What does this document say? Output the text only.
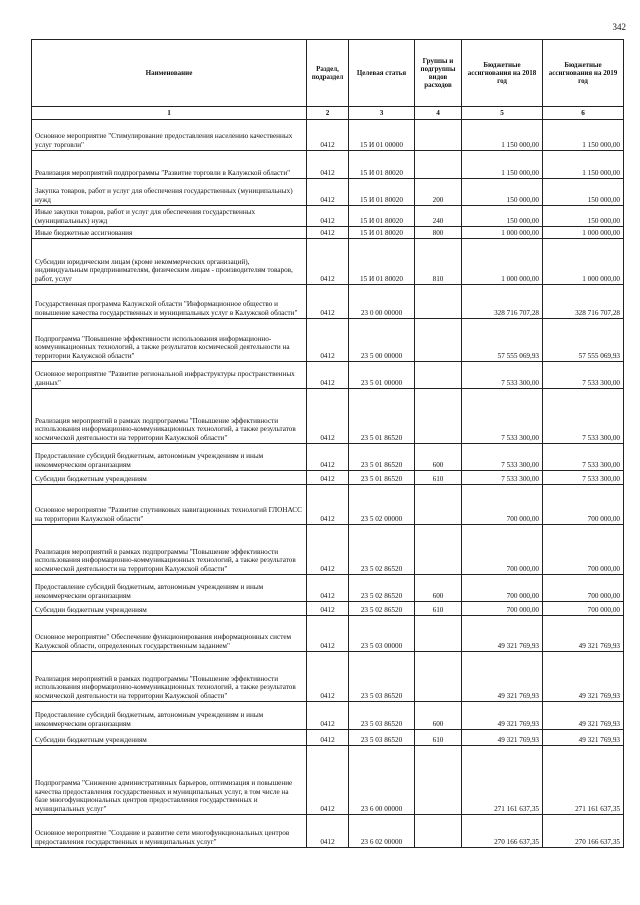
342
Наименование	Раздел, подраздел	Целевая статья	Группы и подгруппы видов расходов	Бюджетные ассигнования на 2018 год	Бюджетные ассигнования на 2019 год
1	2	3	4	5	6
Основное мероприятие "Стимулирование предоставления населению качественных услуг торговли"	0412	15 И 01 00000		1 150 000,00	1 150 000,00
Реализация мероприятий подпрограммы "Развитие торговли в Калужской области"	0412	15 И 01 80020		1 150 000,00	1 150 000,00
Закупка товаров, работ и услуг для обеспечения государственных (муниципальных) нужд	0412	15 И 01 80020	200	150 000,00	150 000,00
Иные закупки товаров, работ и услуг для обеспечения государственных (муниципальных) нужд	0412	15 И 01 80020	240	150 000,00	150 000,00
Иные бюджетные ассигнования	0412	15 И 01 80020	800	1 000 000,00	1 000 000,00
Субсидии юридическим лицам (кроме некоммерческих организаций), индивидуальным предпринимателям, физическим лицам - производителям товаров, работ, услуг	0412	15 И 01 80020	810	1 000 000,00	1 000 000,00
Государственная программа Калужской области "Информационное общество и повышение качества государственных и муниципальных услуг в Калужской области"	0412	23 0 00 00000		328 716 707,28	328 716 707,28
Подпрограмма "Повышение эффективности использования информационно-коммуникационных технологий, а также результатов космической деятельности на территории Калужской области"	0412	23 5 00 00000		57 555 069,93	57 555 069,93
Основное мероприятие "Развитие региональной инфраструктуры пространственных данных"	0412	23 5 01 00000		7 533 300,00	7 533 300,00
Реализация мероприятий в рамках подпрограммы "Повышение эффективности использования информационно-коммуникационных технологий, а также результатов космической деятельности на территории Калужской области"	0412	23 5 01 86520		7 533 300,00	7 533 300,00
Предоставление субсидий бюджетным, автономным учреждениям и иным некоммерческим организациям	0412	23 5 01 86520	600	7 533 300,00	7 533 300,00
Субсидии бюджетным учреждениям	0412	23 5 01 86520	610	7 533 300,00	7 533 300,00
Основное мероприятие "Развитие спутниковых навигационных технологий ГЛОНАСС на территории Калужской области"	0412	23 5 02 00000		700 000,00	700 000,00
Реализация мероприятий в рамках подпрограммы "Повышение эффективности использования информационно-коммуникационных технологий, а также результатов космической деятельности на территории Калужской области"	0412	23 5 02 86520		700 000,00	700 000,00
Предоставление субсидий бюджетным, автономным учреждениям и иным некоммерческим организациям	0412	23 5 02 86520	600	700 000,00	700 000,00
Субсидии бюджетным учреждениям	0412	23 5 02 86520	610	700 000,00	700 000,00
Основное мероприятие" Обеспечение функционирования информационных систем Калужской области, определенных государственным заданием"	0412	23 5 03 00000		49 321 769,93	49 321 769,93
Реализация мероприятий в рамках подпрограммы "Повышение эффективности использования информационно-коммуникационных технологий, а также результатов космической деятельности на территории Калужской области"	0412	23 5 03 86520		49 321 769,93	49 321 769,93
Предоставление субсидий бюджетным, автономным учреждениям и иным некоммерческим организациям	0412	23 5 03 86520	600	49 321 769,93	49 321 769,93
Субсидии бюджетным учреждениям	0412	23 5 03 86520	610	49 321 769,93	49 321 769,93
Подпрограмма "Снижение административных барьеров, оптимизация и повышение качества предоставления государственных и муниципальных услуг, в том числе на базе многофункциональных центров предоставления государственных и муниципальных услуг"	0412	23 6 00 00000		271 161 637,35	271 161 637,35
Основное мероприятие "Создание и развитие сети многофункциональных центров предоставления государственных и муниципальных услуг"	0412	23 6 02 00000		270 166 637,35	270 166 637,35
